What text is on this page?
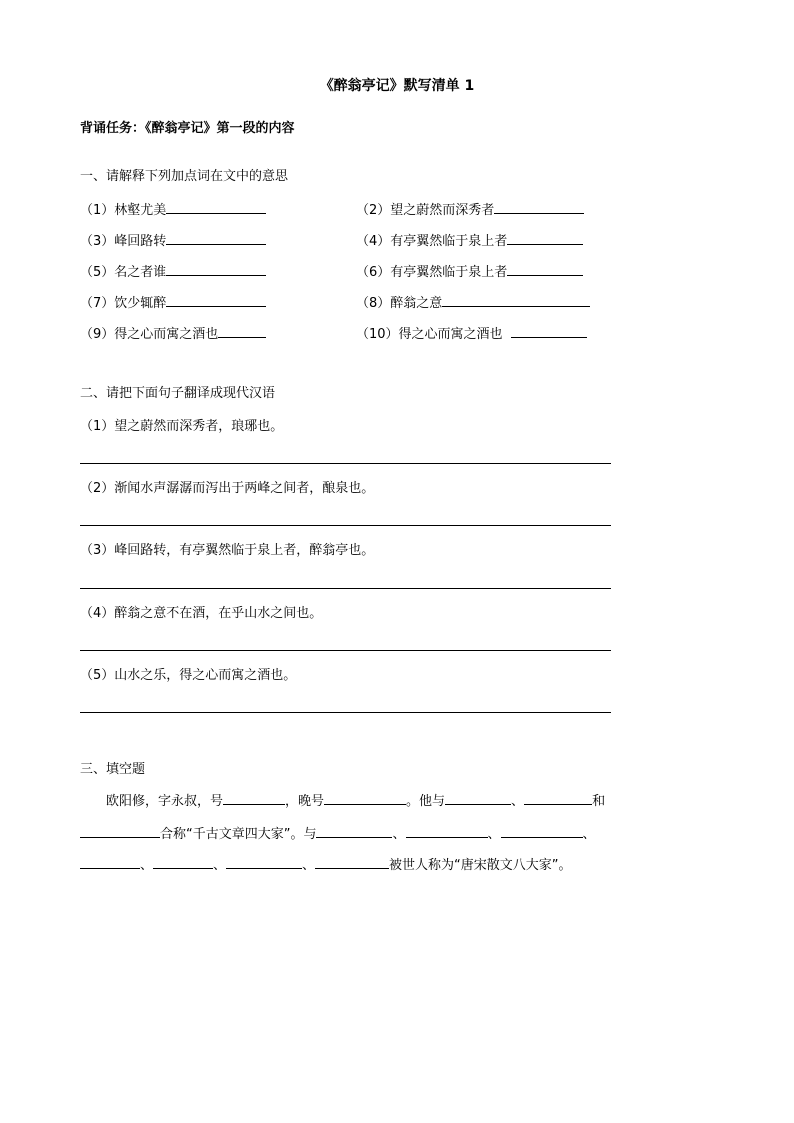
《醉翁亭记》默写清单 1
背诵任务：《醉翁亭记》第一段的内容
一、请解释下列加点词在文中的意思
（1）林壑尤美	（2）望之蔚然而深秀者
（3）峰回路转	（4）有亭翼然临于泉上者
（5）名之者谁	（6）有亭翼然临于泉上者
（7）饮少辄醉	（8）醉翁之意
（9）得之心而寓之酒也	（10）得之心而寓之酒也
二、请把下面句子翻译成现代汉语
（1）望之蔚然而深秀者，琅琊也。
（2）渐闻水声潺潺而泻出于两峰之间者，酿泉也。
（3）峰回路转，有亭翼然临于泉上者，醉翁亭也。
（4）醉翁之意不在酒，在乎山水之间也。
（5）山水之乐，得之心而寓之酒也。
三、填空题
欧阳修，字永叔，号	，晚号	。他与	、	和
合称“千古文章四大家”。与	、	、	、
、	、	、	被世人称为“唐宋散文八大家”。
